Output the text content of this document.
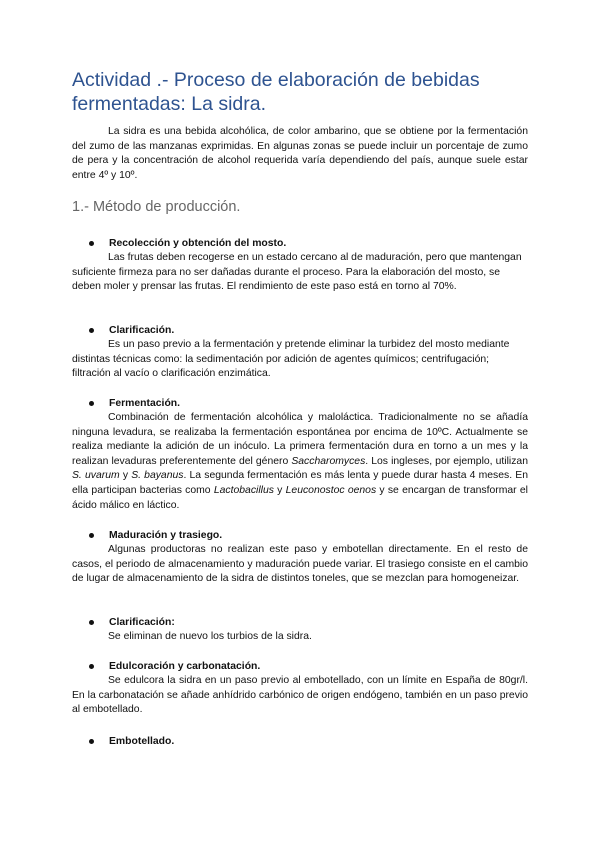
Actividad .- Proceso de elaboración de bebidas fermentadas: La sidra.

La sidra es una bebida alcohólica, de color ambarino, que se obtiene por la fermentación del zumo de las manzanas exprimidas. En algunas zonas se puede incluir un porcentaje de zumo de pera y la concentración de alcohol requerida varía dependiendo del país, aunque suele estar entre 4º y 10º.

1.- Método de producción.
Recolección y obtención del mosto.

Las frutas deben recogerse en un estado cercano al de maduración, pero que mantengan suficiente firmeza para no ser dañadas durante el proceso. Para la elaboración del mosto, se deben moler y prensar las frutas. El rendimiento de este paso está en torno al 70%.

Clarificación.

Es un paso previo a la fermentación y pretende eliminar la turbidez del mosto mediante distintas técnicas como: la sedimentación por adición de agentes químicos; centrifugación; filtración al vacío o clarificación enzimática.

Fermentación.

Combinación de fermentación alcohólica y maloláctica. Tradicionalmente no se añadía ninguna levadura, se realizaba la fermentación espontánea por encima de 10ºC. Actualmente se realiza mediante la adición de un inóculo. La primera fermentación dura en torno a un mes y la realizan levaduras preferentemente del género Saccharomyces. Los ingleses, por ejemplo, utilizan S. uvarum y S. bayanus. La segunda fermentación es más lenta y puede durar hasta 4 meses. En ella participan bacterias como Lactobacillus y Leuconostoc oenos y se encargan de transformar el ácido málico en láctico.

Maduración y trasiego.

Algunas productoras no realizan este paso y embotellan directamente. En el resto de casos, el periodo de almacenamiento y maduración puede variar. El trasiego consiste en el cambio de lugar de almacenamiento de la sidra de distintos toneles, que se mezclan para homogeneizar.

Clarificación:

Se eliminan de nuevo los turbios de la sidra.

Edulcoración y carbonatación.

Se edulcora la sidra en un paso previo al embotellado, con un límite en España de 80gr/l. En la carbonatación se añade anhídrido carbónico de origen endógeno, también en un paso previo al embotellado.

Embotellado.
